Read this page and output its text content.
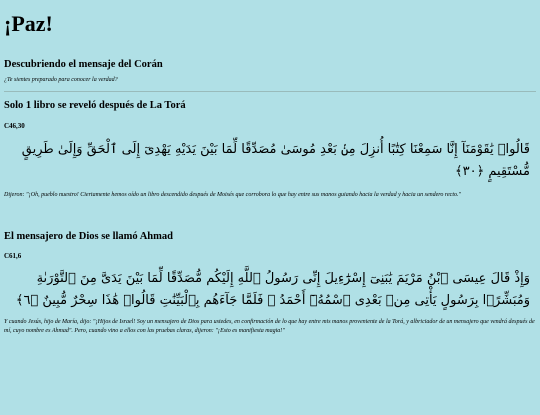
¡Paz!
Descubriendo el mensaje del Corán
¿Te sientes preparado para conocer la verdad?
Solo 1 libro se reveló después de La Torá
C46,30
قَالُوا۟ يَٰقَوْمَنَآ إِنَّا سَمِعْنَا كِتَٰبًا أُنزِلَ مِنۢ بَعْدِ مُوسَىٰ مُصَدِّقًا لِّمَا بَيْنَ يَدَيْهِ يَهْدِىٓ إِلَى ٱلْحَقِّ وَإِلَىٰ طَرِيقٍ مُّسْتَقِيمٍ ﴿٣٠﴾
Dijeron: "¡Oh, pueblo nuestro! Ciertamente hemos oído un libro descendido después de Moisés que corrobora lo que hay entre sus manos guiando hacia la verdad y hacia un sendero recto."
El mensajero de Dios se llamó Ahmad
C61,6
وَإِذْ قَالَ عِيسَى ٱبْنُ مَرْيَمَ يَٰبَنِىٓ إِسْرَٰٓءِيلَ إِنِّى رَسُولُ ٱللَّهِ إِلَيْكُم مُّصَدِّقًا لِّمَا بَيْنَ يَدَىَّ مِنَ ٱلتَّوْرَىٰةِ وَمُبَشِّرًۢا بِرَسُولٍ يَأْتِى مِنۢ بَعْدِى ٱسْمُهُۥٓ أَحْمَدُ ۖ فَلَمَّا جَآءَهُم بِٱلْبَيِّنَٰتِ قَالُوا۟ هَٰذَا سِحْرٌ مُّبِينٌ ﴿٦﴾
Y cuando Jesús, hijo de María, dijo: "¡Hijos de Israel! Soy un mensajero de Dios para ustedes, en confirmación de lo que hay entre mis manos proveniente de la Torá, y albriciador de un mensajero que vendrá después de mí, cuyo nombre es Ahmad". Pero, cuando vino a ellos con las pruebas claras, dijeron: "¡Esto es manifiesta magia!"
